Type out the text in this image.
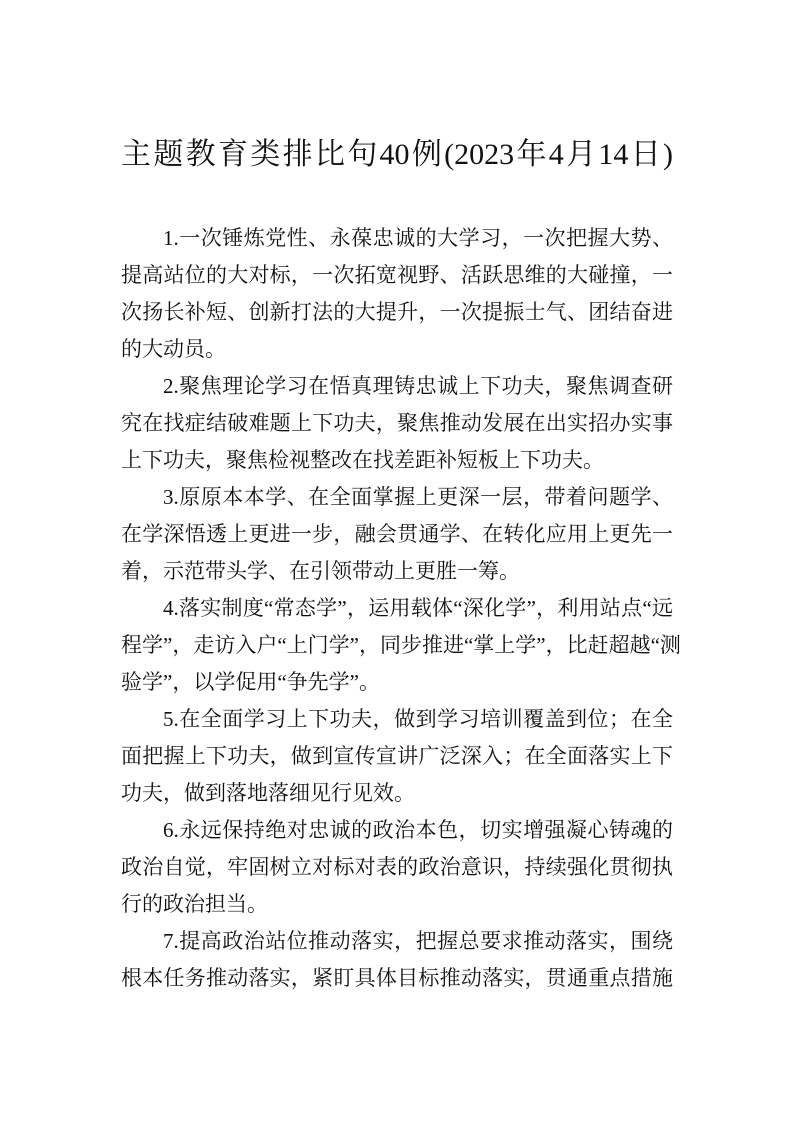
主题教育类排比句40例(2023年4月14日)
1.一次锤炼党性、永葆忠诚的大学习，一次把握大势、
提高站位的大对标，一次拓宽视野、活跃思维的大碰撞，一
次扬长补短、创新打法的大提升，一次提振士气、团结奋进
的大动员。
2.聚焦理论学习在悟真理铸忠诚上下功夫，聚焦调查研
究在找症结破难题上下功夫，聚焦推动发展在出实招办实事
上下功夫，聚焦检视整改在找差距补短板上下功夫。
3.原原本本学、在全面掌握上更深一层，带着问题学、
在学深悟透上更进一步，融会贯通学、在转化应用上更先一
着，示范带头学、在引领带动上更胜一筹。
4.落实制度“常态学”，运用载体“深化学”，利用站点“远
程学”，走访入户“上门学”，同步推进“掌上学”，比赶超越“测
验学”，以学促用“争先学”。
5.在全面学习上下功夫，做到学习培训覆盖到位；在全
面把握上下功夫，做到宣传宣讲广泛深入；在全面落实上下
功夫，做到落地落细见行见效。
6.永远保持绝对忠诚的政治本色，切实增强凝心铸魂的
政治自觉，牢固树立对标对表的政治意识，持续强化贯彻执
行的政治担当。
7.提高政治站位推动落实，把握总要求推动落实，围绕
根本任务推动落实，紧盯具体目标推动落实，贯通重点措施
